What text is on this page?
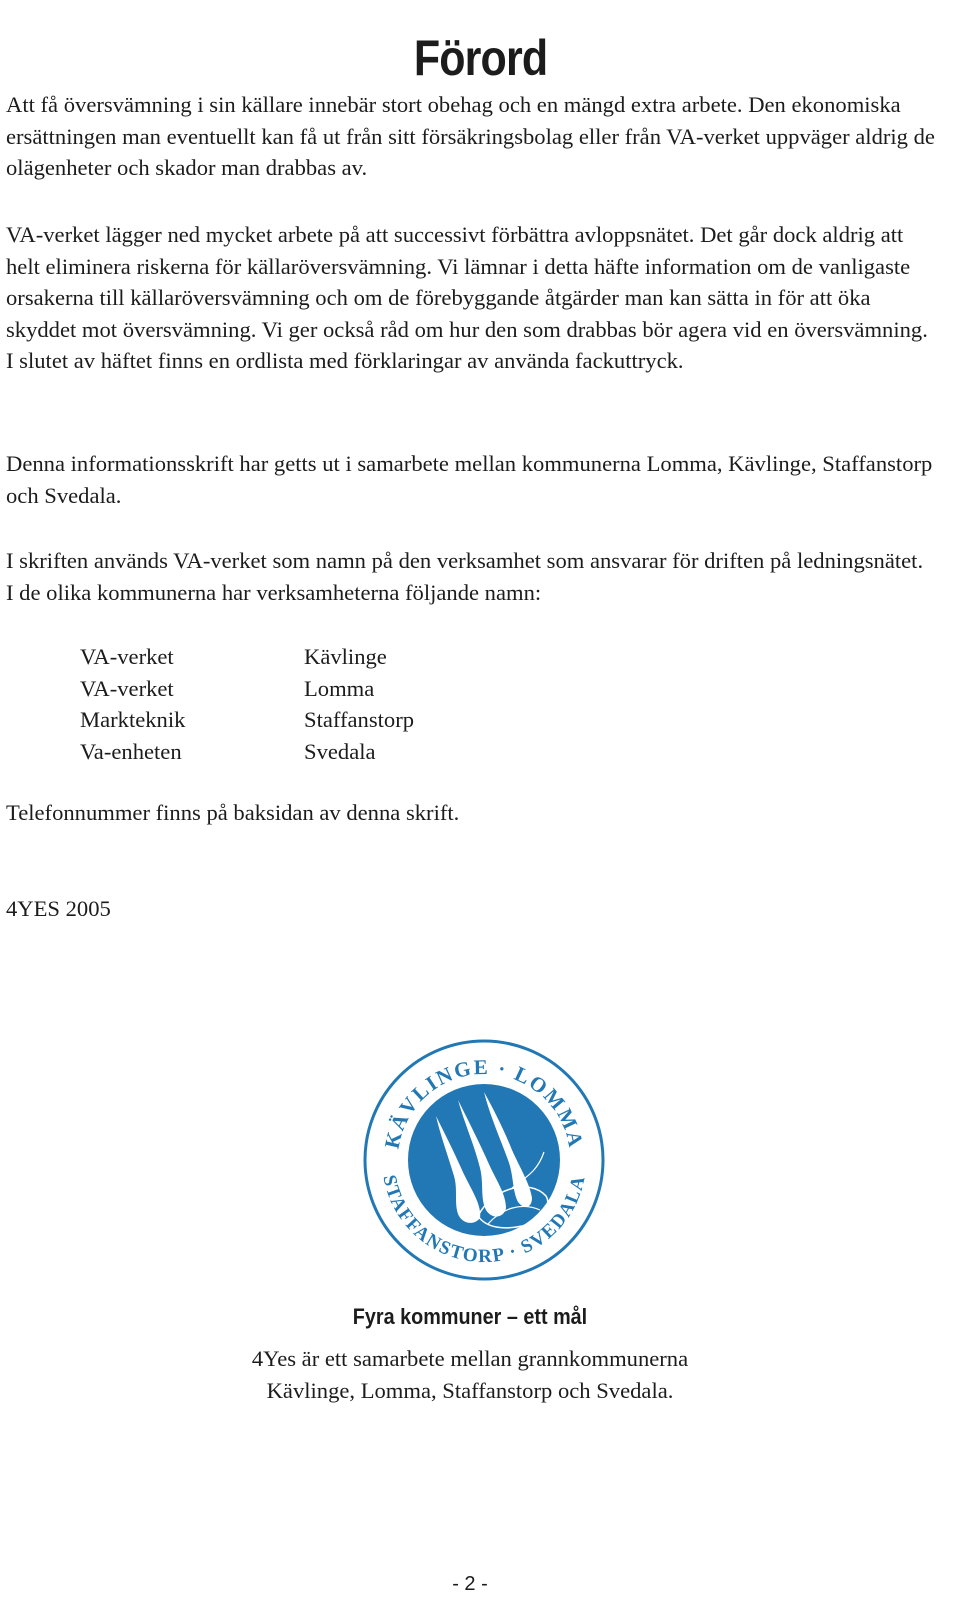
Förord

Att få översvämning i sin källare innebär stort obehag och en mängd extra arbete. Den ekonomiska ersättningen man eventuellt kan få ut från sitt försäkringsbolag eller från VA-verket uppväger aldrig de olägenheter och skador man drabbas av.

VA-verket lägger ned mycket arbete på att successivt förbättra avloppsnätet. Det går dock aldrig att helt eliminera riskerna för källaröversvämning. Vi lämnar i detta häfte information om de vanligaste orsakerna till källaröversvämning och om de förebyggande åtgärder man kan sätta in för att öka skyddet mot översvämning. Vi ger också råd om hur den som drabbas bör agera vid en översvämning. I slutet av häftet finns en ordlista med förklaringar av använda fackuttryck.

Denna informationsskrift har getts ut i samarbete mellan kommunerna Lomma, Kävlinge, Staffanstorp och Svedala.

I skriften används VA-verket som namn på den verksamhet som ansvarar för driften på ledningsnätet. I de olika kommunerna har verksamheterna följande namn:

VA-verket	Kävlinge
VA-verket	Lomma
Markteknik	Staffanstorp
Va-enheten	Svedala

Telefonnummer finns på baksidan av denna skrift.

4YES 2005

KÄVLINGE · LOMMA
STAFFANSTORP · SVEDALA
Fyra kommuner – ett mål
4Yes är ett samarbete mellan grannkommunerna
Kävlinge, Lomma, Staffanstorp och Svedala.
- 2 -
